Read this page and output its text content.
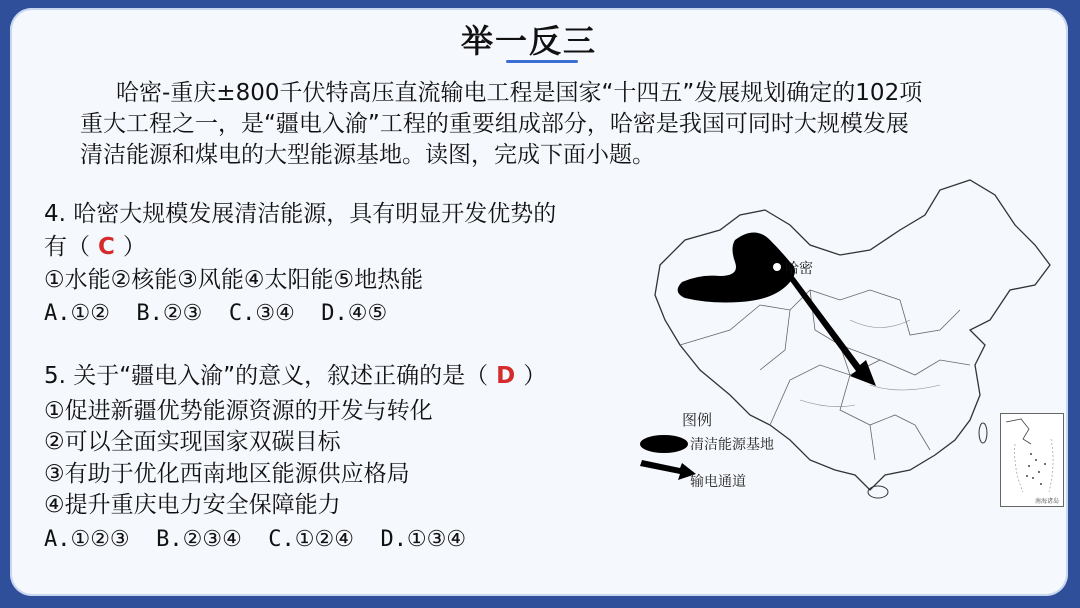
举一反三
哈密-重庆±800千伏特高压直流输电工程是国家“十四五”发展规划确定的102项
重大工程之一，是“疆电入渝”工程的重要组成部分，哈密是我国可同时大规模发展
清洁能源和煤电的大型能源基地。读图，完成下面小题。
4. 哈密大规模发展清洁能源，具有明显开发优势的
有（ C ）
①水能②核能③风能④太阳能⑤地热能
A.①②  B.②③  C.③④  D.④⑤
5. 关于“疆电入渝”的意义，叙述正确的是（ D ）
①促进新疆优势能源资源的开发与转化
②可以全面实现国家双碳目标
③有助于优化西南地区能源供应格局
④提升重庆电力安全保障能力
A.①②③  B.②③④  C.①②④  D.①③④
哈密
图例
清洁能源基地
输电通道
南海诸岛
